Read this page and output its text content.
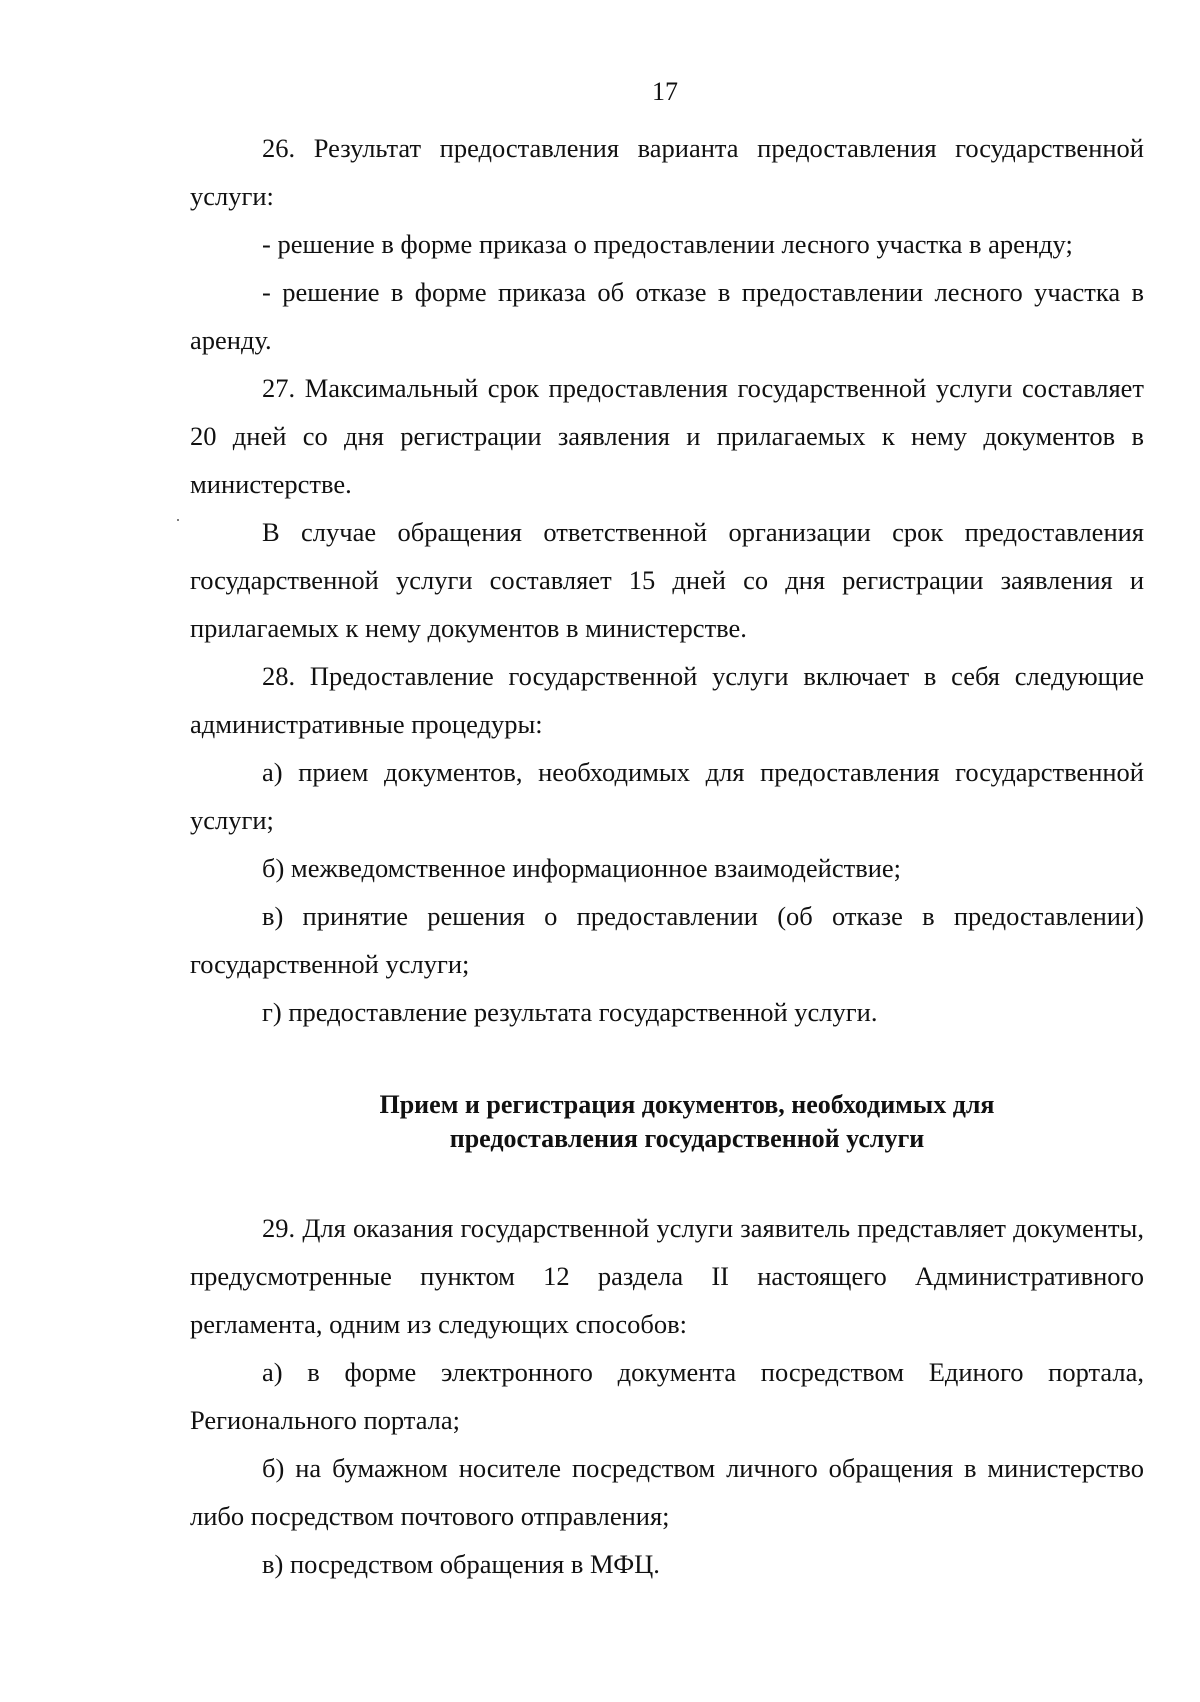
17

26. Результат предоставления варианта предоставления государственной услуги:

- решение в форме приказа о предоставлении лесного участка в аренду;

- решение в форме приказа об отказе в предоставлении лесного участка в аренду.

27. Максимальный срок предоставления государственной услуги составляет 20 дней со дня регистрации заявления и прилагаемых к нему документов в министерстве.

В случае обращения ответственной организации срок предоставления государственной услуги составляет 15 дней со дня регистрации заявления и прилагаемых к нему документов в министерстве.

28. Предоставление государственной услуги включает в себя следующие административные процедуры:

а) прием документов, необходимых для предоставления государственной услуги;

б) межведомственное информационное взаимодействие;

в) принятие решения о предоставлении (об отказе в предоставлении) государственной услуги;

г) предоставление результата государственной услуги.

Прием и регистрация документов, необходимых для
предоставления государственной услуги

29. Для оказания государственной услуги заявитель представляет документы, предусмотренные пунктом 12 раздела II настоящего Административного регламента, одним из следующих способов:

а) в форме электронного документа посредством Единого портала, Регионального портала;

б) на бумажном носителе посредством личного обращения в министерство либо посредством почтового отправления;

в) посредством обращения в МФЦ.
